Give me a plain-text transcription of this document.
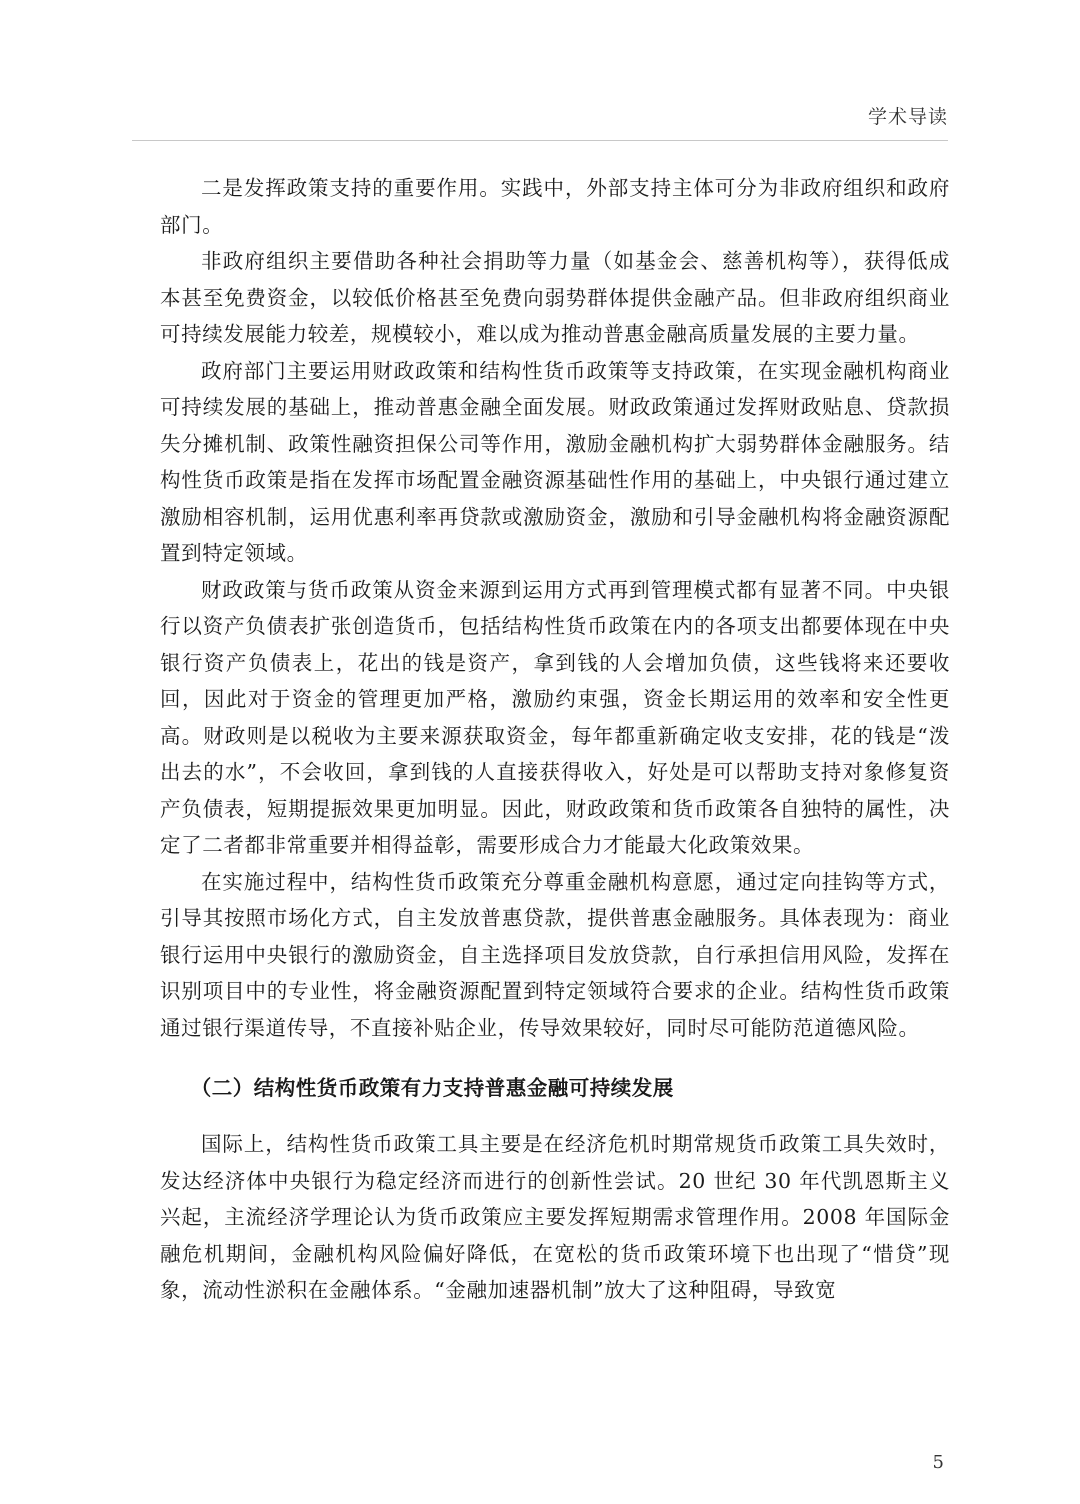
学术导读

二是发挥政策支持的重要作用。实践中，外部支持主体可分为非政府组织和政府部门。

非政府组织主要借助各种社会捐助等力量（如基金会、慈善机构等），获得低成本甚至免费资金，以较低价格甚至免费向弱势群体提供金融产品。但非政府组织商业可持续发展能力较差，规模较小，难以成为推动普惠金融高质量发展的主要力量。

政府部门主要运用财政政策和结构性货币政策等支持政策，在实现金融机构商业可持续发展的基础上，推动普惠金融全面发展。财政政策通过发挥财政贴息、贷款损失分摊机制、政策性融资担保公司等作用，激励金融机构扩大弱势群体金融服务。结构性货币政策是指在发挥市场配置金融资源基础性作用的基础上，中央银行通过建立激励相容机制，运用优惠利率再贷款或激励资金，激励和引导金融机构将金融资源配置到特定领域。

财政政策与货币政策从资金来源到运用方式再到管理模式都有显著不同。中央银行以资产负债表扩张创造货币，包括结构性货币政策在内的各项支出都要体现在中央银行资产负债表上，花出的钱是资产，拿到钱的人会增加负债，这些钱将来还要收回，因此对于资金的管理更加严格，激励约束强，资金长期运用的效率和安全性更高。财政则是以税收为主要来源获取资金，每年都重新确定收支安排，花的钱是“泼出去的水”，不会收回，拿到钱的人直接获得收入，好处是可以帮助支持对象修复资产负债表，短期提振效果更加明显。因此，财政政策和货币政策各自独特的属性，决定了二者都非常重要并相得益彰，需要形成合力才能最大化政策效果。

在实施过程中，结构性货币政策充分尊重金融机构意愿，通过定向挂钩等方式，引导其按照市场化方式，自主发放普惠贷款，提供普惠金融服务。具体表现为：商业银行运用中央银行的激励资金，自主选择项目发放贷款，自行承担信用风险，发挥在识别项目中的专业性，将金融资源配置到特定领域符合要求的企业。结构性货币政策通过银行渠道传导，不直接补贴企业，传导效果较好，同时尽可能防范道德风险。

（二）结构性货币政策有力支持普惠金融可持续发展

国际上，结构性货币政策工具主要是在经济危机时期常规货币政策工具失效时，发达经济体中央银行为稳定经济而进行的创新性尝试。20 世纪 30 年代凯恩斯主义兴起，主流经济学理论认为货币政策应主要发挥短期需求管理作用。2008 年国际金融危机期间，金融机构风险偏好降低，在宽松的货币政策环境下也出现了“惜贷”现象，流动性淤积在金融体系。“金融加速器机制”放大了这种阻碍，导致宽

5
